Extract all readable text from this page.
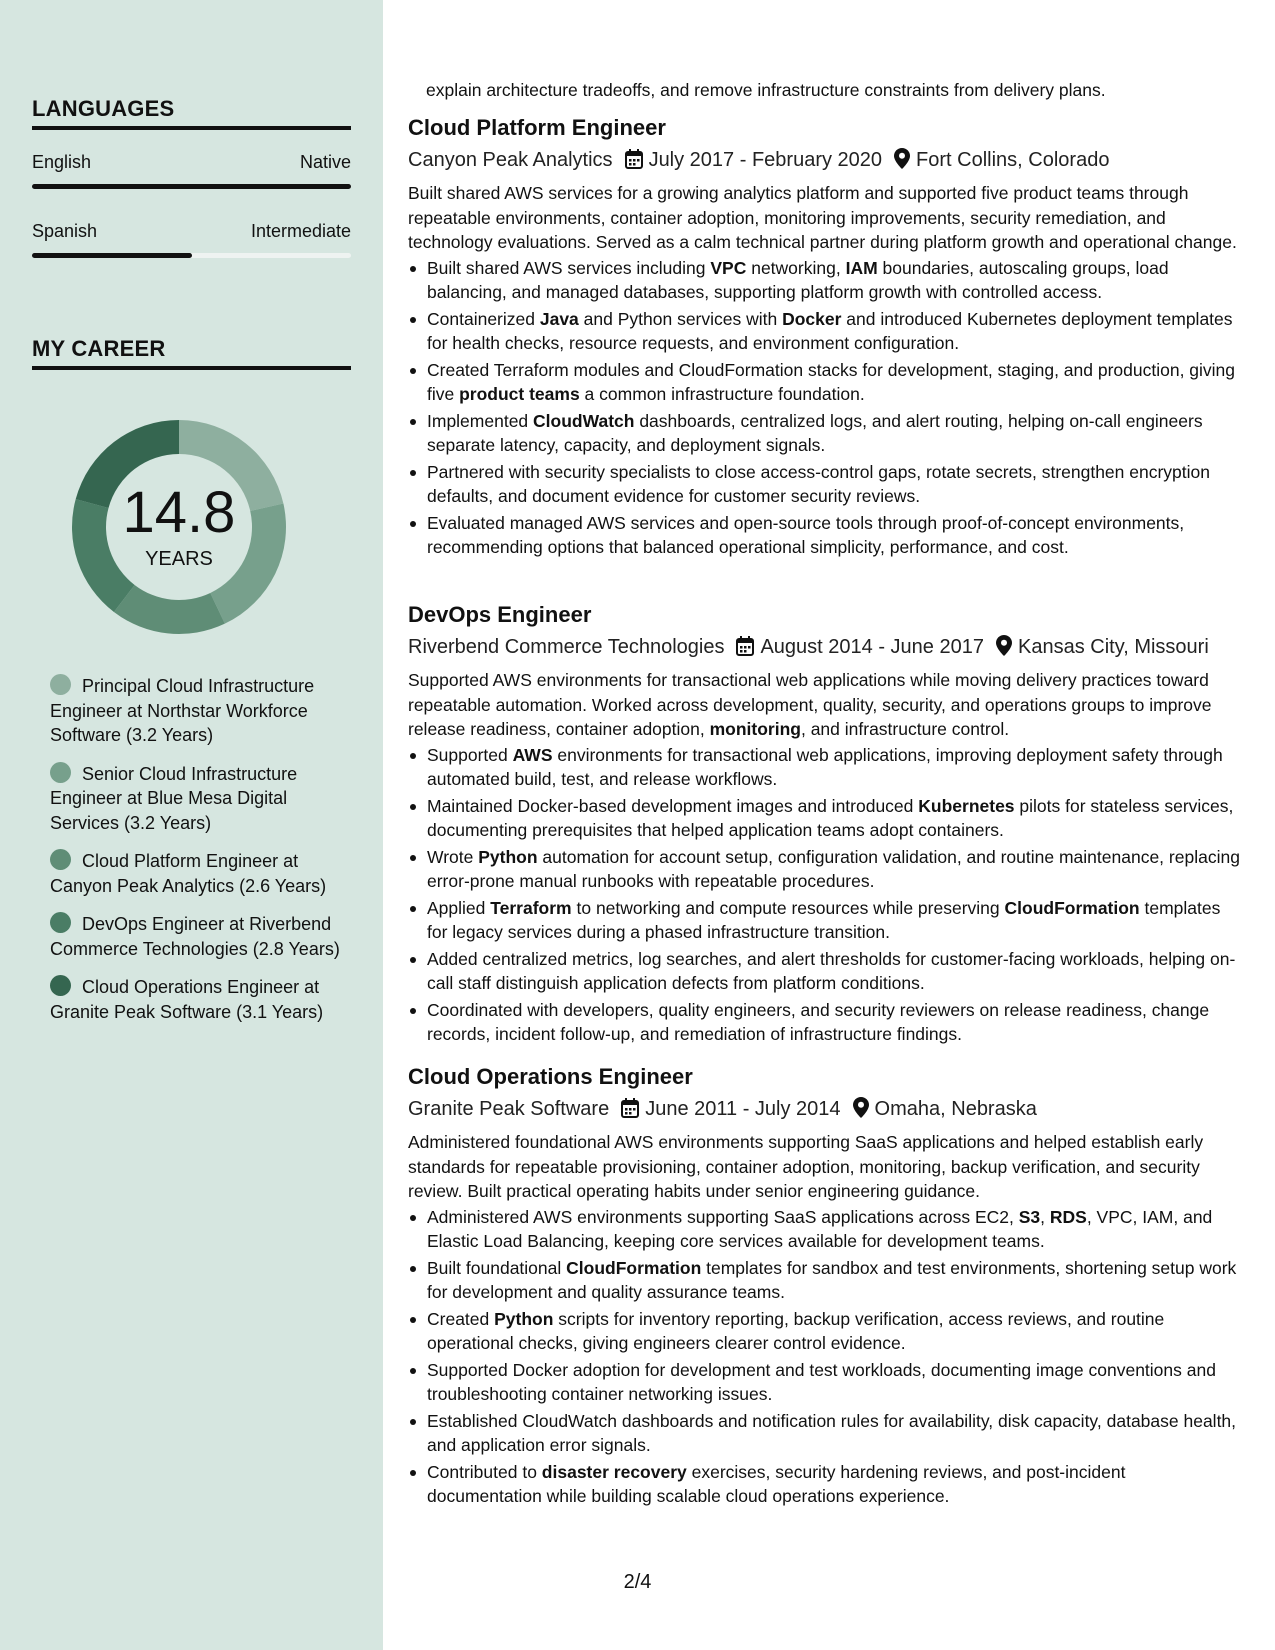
LANGUAGES
English	Native
Spanish	Intermediate
MY CAREER
14.8
YEARS
Principal Cloud Infrastructure Engineer at Northstar Workforce Software (3.2 Years)
Senior Cloud Infrastructure Engineer at Blue Mesa Digital Services (3.2 Years)
Cloud Platform Engineer at Canyon Peak Analytics (2.6 Years)
DevOps Engineer at Riverbend Commerce Technologies (2.8 Years)
Cloud Operations Engineer at Granite Peak Software (3.1 Years)
explain architecture tradeoffs, and remove infrastructure constraints from delivery plans.
Cloud Platform Engineer
Canyon Peak Analytics July 2017 - February 2020 Fort Collins, Colorado
Built shared AWS services for a growing analytics platform and supported five product teams through repeatable environments, container adoption, monitoring improvements, security remediation, and technology evaluations. Served as a calm technical partner during platform growth and operational change.
Built shared AWS services including VPC networking, IAM boundaries, autoscaling groups, load balancing, and managed databases, supporting platform growth with controlled access.
Containerized Java and Python services with Docker and introduced Kubernetes deployment templates for health checks, resource requests, and environment configuration.
Created Terraform modules and CloudFormation stacks for development, staging, and production, giving five product teams a common infrastructure foundation.
Implemented CloudWatch dashboards, centralized logs, and alert routing, helping on-call engineers separate latency, capacity, and deployment signals.
Partnered with security specialists to close access-control gaps, rotate secrets, strengthen encryption defaults, and document evidence for customer security reviews.
Evaluated managed AWS services and open-source tools through proof-of-concept environments, recommending options that balanced operational simplicity, performance, and cost.
DevOps Engineer
Riverbend Commerce Technologies August 2014 - June 2017 Kansas City, Missouri
Supported AWS environments for transactional web applications while moving delivery practices toward repeatable automation. Worked across development, quality, security, and operations groups to improve release readiness, container adoption, monitoring, and infrastructure control.
Supported AWS environments for transactional web applications, improving deployment safety through automated build, test, and release workflows.
Maintained Docker-based development images and introduced Kubernetes pilots for stateless services, documenting prerequisites that helped application teams adopt containers.
Wrote Python automation for account setup, configuration validation, and routine maintenance, replacing error-prone manual runbooks with repeatable procedures.
Applied Terraform to networking and compute resources while preserving CloudFormation templates for legacy services during a phased infrastructure transition.
Added centralized metrics, log searches, and alert thresholds for customer-facing workloads, helping on-call staff distinguish application defects from platform conditions.
Coordinated with developers, quality engineers, and security reviewers on release readiness, change records, incident follow-up, and remediation of infrastructure findings.
Cloud Operations Engineer
Granite Peak Software June 2011 - July 2014 Omaha, Nebraska
Administered foundational AWS environments supporting SaaS applications and helped establish early standards for repeatable provisioning, container adoption, monitoring, backup verification, and security review. Built practical operating habits under senior engineering guidance.
Administered AWS environments supporting SaaS applications across EC2, S3, RDS, VPC, IAM, and Elastic Load Balancing, keeping core services available for development teams.
Built foundational CloudFormation templates for sandbox and test environments, shortening setup work for development and quality assurance teams.
Created Python scripts for inventory reporting, backup verification, access reviews, and routine operational checks, giving engineers clearer control evidence.
Supported Docker adoption for development and test workloads, documenting image conventions and troubleshooting container networking issues.
Established CloudWatch dashboards and notification rules for availability, disk capacity, database health, and application error signals.
Contributed to disaster recovery exercises, security hardening reviews, and post-incident documentation while building scalable cloud operations experience.
2/4
